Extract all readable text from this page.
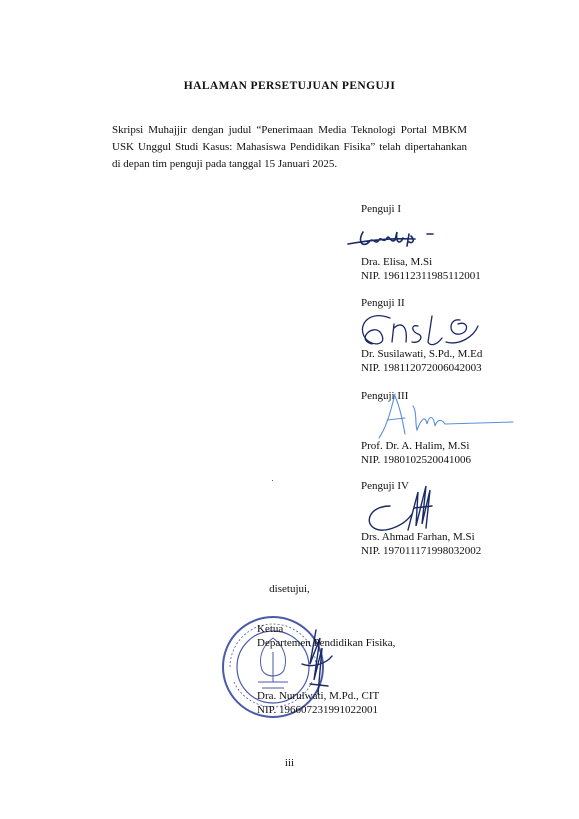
HALAMAN PERSETUJUAN PENGUJI
Skripsi Muhajjir dengan judul “Penerimaan Media Teknologi Portal MBKM USK Unggul Studi Kasus: Mahasiswa Pendidikan Fisika” telah dipertahankan di depan tim penguji pada tanggal 15 Januari 2025.
Penguji I
Dra. Elisa, M.Si
NIP. 196112311985112001
Penguji II
Dr. Susilawati, S.Pd., M.Ed
NIP. 198112072006042003
Penguji III
Prof. Dr. A. Halim, M.Si
NIP. 198010252004100​6
Penguji IV
Drs. Ahmad Farhan, M.Si
NIP. 197011171998032002
disetujui,
Ketua
Departemen Pendidikan Fisika,
Dra. Nurulwati, M.Pd., CIT
NIP. 196607231991022001
iii
